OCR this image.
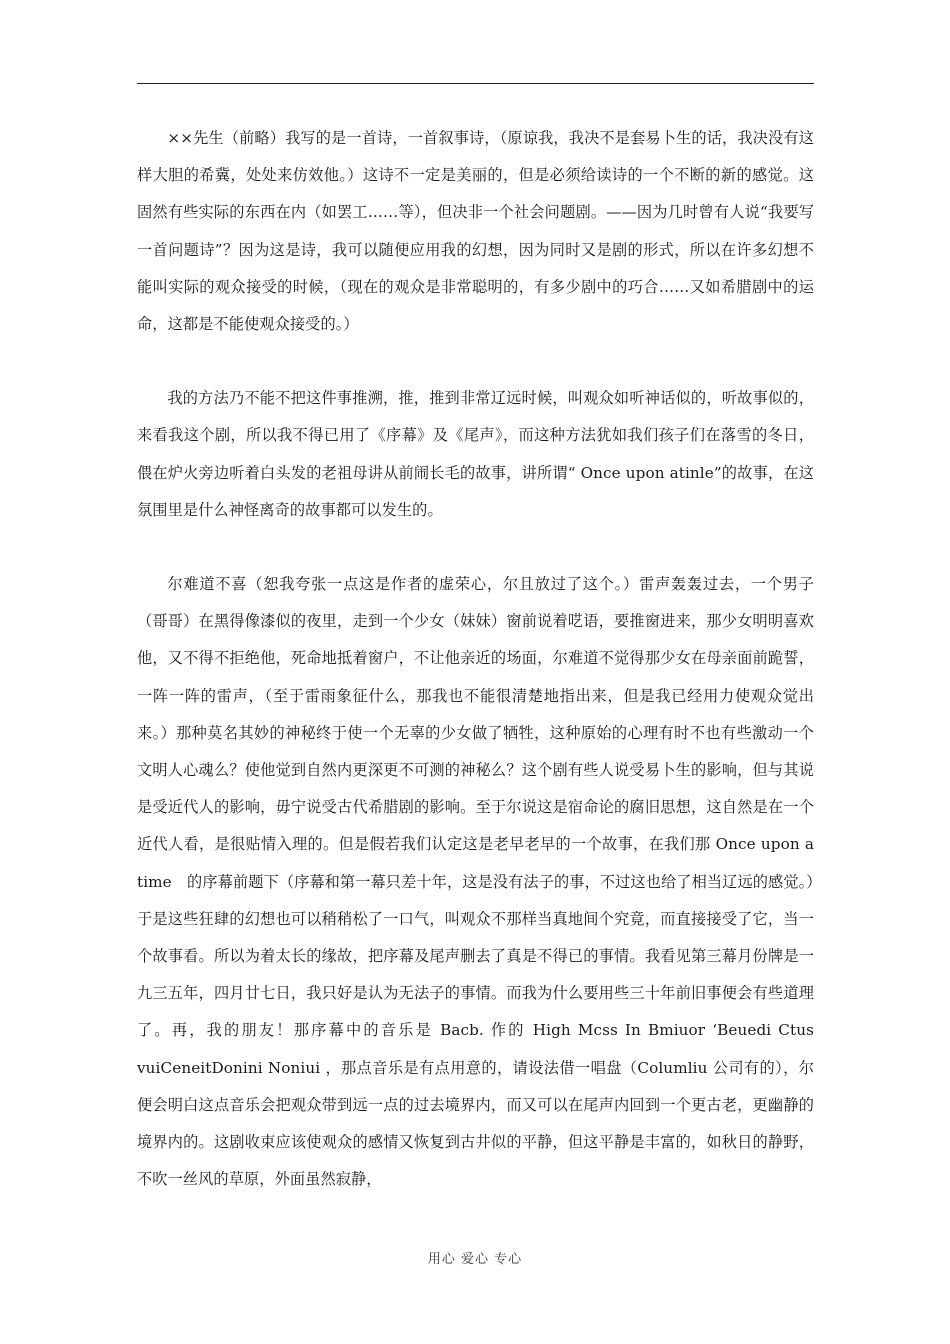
××先生（前略）我写的是一首诗，一首叙事诗，（原谅我，我决不是套易卜生的话，我决没有这样大胆的希冀，处处来仿效他。）这诗不一定是美丽的，但是必须给读诗的一个不断的新的感觉。这固然有些实际的东西在内（如罢工……等），但决非一个社会问题剧。——因为几时曾有人说“我要写一首问题诗”？因为这是诗，我可以随便应用我的幻想，因为同时又是剧的形式，所以在许多幻想不能叫实际的观众接受的时候，（现在的观众是非常聪明的，有多少剧中的巧合……又如希腊剧中的运命，这都是不能使观众接受的。）

我的方法乃不能不把这件事推溯，推，推到非常辽远时候，叫观众如听神话似的，听故事似的，来看我这个剧，所以我不得已用了《序幕》及《尾声》，而这种方法犹如我们孩子们在落雪的冬日，偎在炉火旁边听着白头发的老祖母讲从前闹长毛的故事，讲所谓“ Once upon atinle”的故事，在这氛围里是什么神怪离奇的故事都可以发生的。

尔难道不喜（恕我夸张一点这是作者的虚荣心，尔且放过了这个。）雷声轰轰过去，一个男子（哥哥）在黑得像漆似的夜里，走到一个少女（妹妹）窗前说着呓语，要推窗进来，那少女明明喜欢他，又不得不拒绝他，死命地抵着窗户，不让他亲近的场面，尔难道不觉得那少女在母亲面前跪誓，一阵一阵的雷声，（至于雷雨象征什么，那我也不能很清楚地指出来，但是我已经用力使观众觉出来。）那种莫名其妙的神秘终于使一个无辜的少女做了牺牲，这种原始的心理有时不也有些激动一个文明人心魂么？使他觉到自然内更深更不可测的神秘么？这个剧有些人说受易卜生的影响，但与其说是受近代人的影响，毋宁说受古代希腊剧的影响。至于尔说这是宿命论的腐旧思想，这自然是在一个近代人看，是很贴情入理的。但是假若我们认定这是老早老早的一个故事，在我们那 Once upon a time　的序幕前题下（序幕和第一幕只差十年，这是没有法子的事，不过这也给了相当辽远的感觉。）于是这些狂肆的幻想也可以稍稍松了一口气，叫观众不那样当真地间个究竟，而直接接受了它，当一个故事看。所以为着太长的缘故，把序幕及尾声删去了真是不得已的事情。我看见第三幕月份牌是一九三五年，四月廿七日，我只好是认为无法子的事情。而我为什么要用些三十年前旧事便会有些道理了。再，我的朋友！那序幕中的音乐是 Bacb. 作的 High Mcss In Bmiuor ‘Beuedi Ctus vuiCeneitDonini Noniui ，那点音乐是有点用意的，请设法借一唱盘（Columliu 公司有的），尔便会明白这点音乐会把观众带到远一点的过去境界内，而又可以在尾声内回到一个更古老，更幽静的境界内的。这剧收束应该使观众的感情又恢复到古井似的平静，但这平静是丰富的，如秋日的静野，不吹一丝风的草原，外面虽然寂静，

用心 爱心 专心
